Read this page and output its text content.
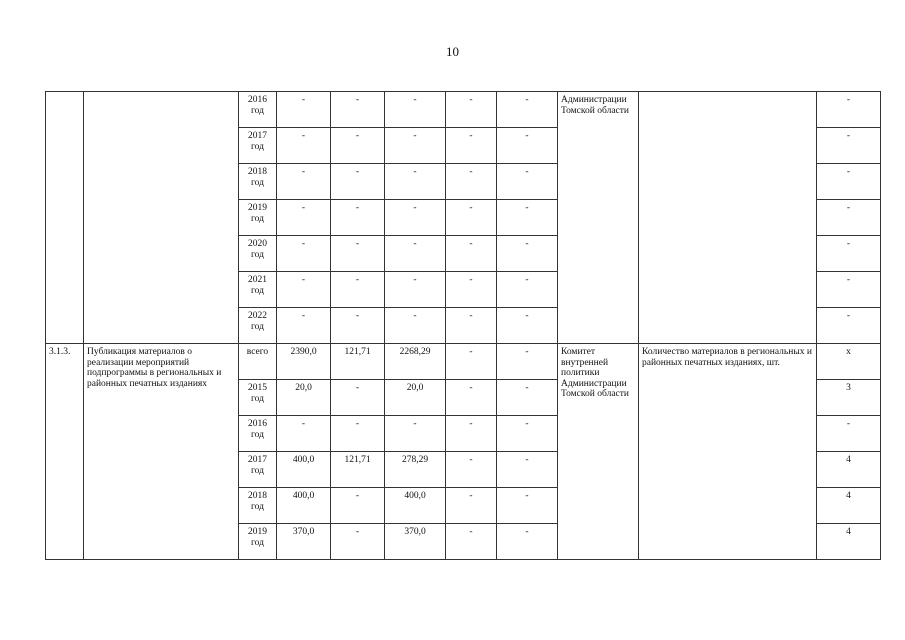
10
		2016 год	-	-	-	-	-	Администрации Томской области		-
		2017 год	-	-	-	-	-			-
		2018 год	-	-	-	-	-			-
		2019 год	-	-	-	-	-			-
		2020 год	-	-	-	-	-			-
		2021 год	-	-	-	-	-			-
		2022 год	-	-	-	-	-			-
3.1.3.	Публикация материалов о реализации мероприятий подпрограммы в региональных и районных печатных изданиях	всего	2390,0	121,71	2268,29	-	-	Комитет внутренней политики Администрации Томской области	Количество материалов в региональных и районных печатных изданиях, шт.	х
		2015 год	20,0	-	20,0	-	-			3
		2016 год	-	-	-	-	-			-
		2017 год	400,0	121,71	278,29	-	-			4
		2018 год	400,0	-	400,0	-	-			4
		2019 год	370,0	-	370,0	-	-			4
